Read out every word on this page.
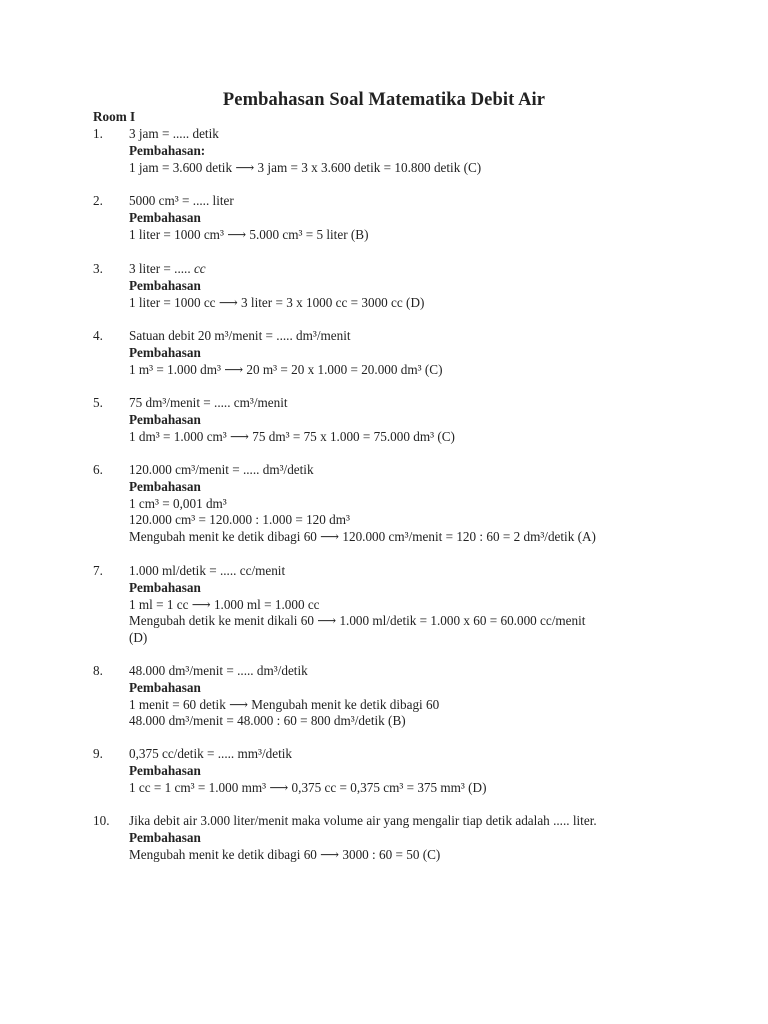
Pembahasan Soal Matematika Debit Air
Room I
1.	3 jam = ..... detik
Pembahasan:
1 jam = 3.600 detik ⟶ 3 jam = 3 x 3.600 detik = 10.800 detik (C)
2.	5000 cm³ = ..... liter
Pembahasan
1 liter = 1000 cm³ ⟶ 5.000 cm³ = 5 liter (B)
3.	3 liter = ..... cc
Pembahasan
1 liter = 1000 cc ⟶ 3 liter = 3 x 1000 cc = 3000 cc (D)
4.	Satuan debit 20 m³/menit = ..... dm³/menit
Pembahasan
1 m³ = 1.000 dm³ ⟶ 20 m³ = 20 x 1.000 = 20.000 dm³ (C)
5.	75 dm³/menit = ..... cm³/menit
Pembahasan
1 dm³ = 1.000 cm³ ⟶ 75 dm³ = 75 x 1.000 = 75.000 dm³ (C)
6.	120.000 cm³/menit = ..... dm³/detik
Pembahasan
1 cm³ = 0,001 dm³
120.000 cm³ = 120.000 : 1.000 = 120 dm³
Mengubah menit ke detik dibagi 60 ⟶ 120.000 cm³/menit = 120 : 60 = 2 dm³/detik (A)
7.	1.000 ml/detik = ..... cc/menit
Pembahasan
1 ml = 1 cc ⟶ 1.000 ml = 1.000 cc
Mengubah detik ke menit dikali 60 ⟶ 1.000 ml/detik = 1.000 x 60 = 60.000 cc/menit
(D)
8.	48.000 dm³/menit = ..... dm³/detik
Pembahasan
1 menit = 60 detik ⟶ Mengubah menit ke detik dibagi 60
48.000 dm³/menit = 48.000 : 60 = 800 dm³/detik (B)
9.	0,375 cc/detik = ..... mm³/detik
Pembahasan
1 cc = 1 cm³ = 1.000 mm³ ⟶ 0,375 cc = 0,375 cm³ = 375 mm³ (D)
10.	Jika debit air 3.000 liter/menit maka volume air yang mengalir tiap detik adalah ..... liter.
Pembahasan
Mengubah menit ke detik dibagi 60 ⟶ 3000 : 60 = 50 (C)
